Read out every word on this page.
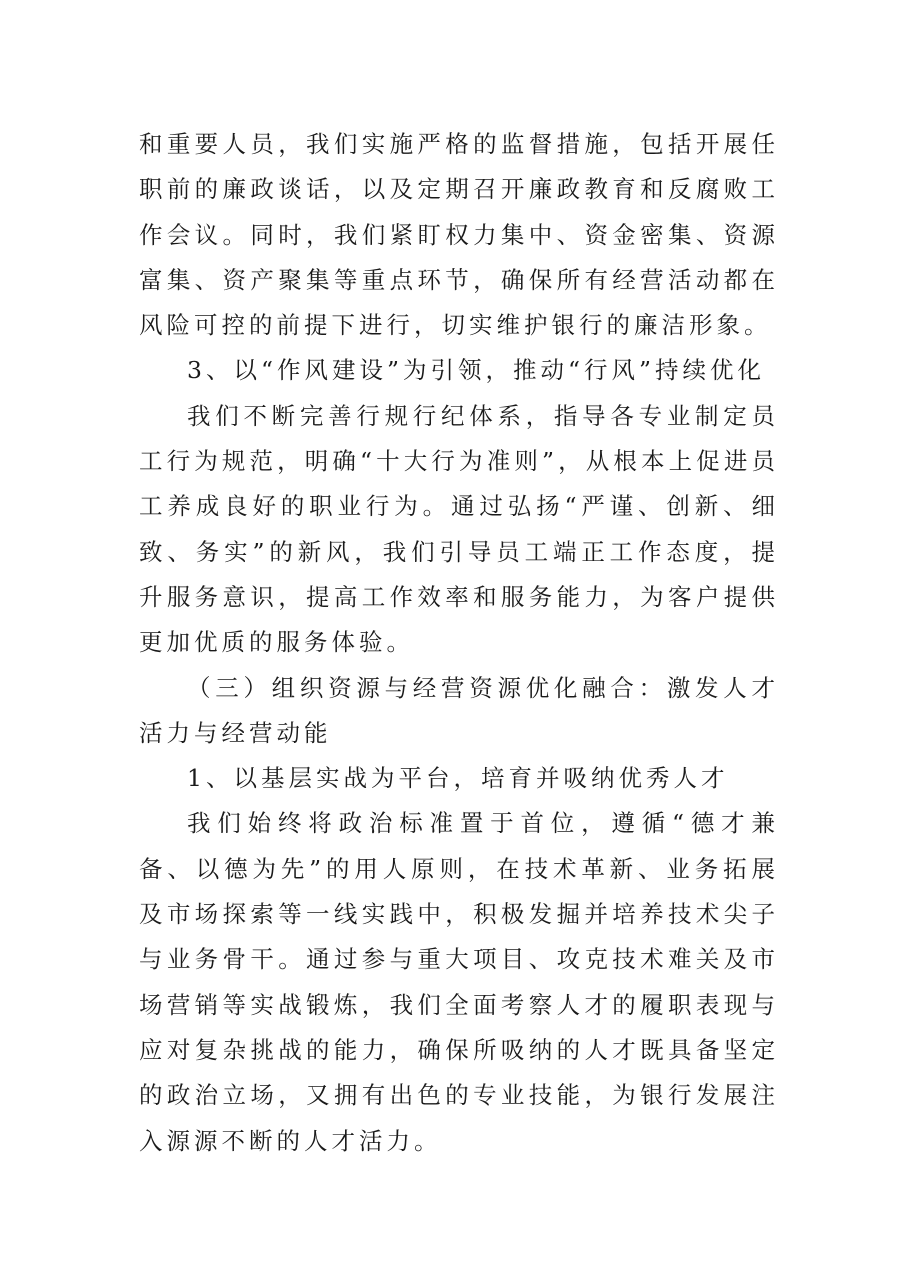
和重要人员，我们实施严格的监督措施，包括开展任职前的廉政谈话，以及定期召开廉政教育和反腐败工作会议。同时，我们紧盯权力集中、资金密集、资源富集、资产聚集等重点环节，确保所有经营活动都在风险可控的前提下进行，切实维护银行的廉洁形象。

3、以“作风建设”为引领，推动“行风”持续优化

我们不断完善行规行纪体系，指导各专业制定员工行为规范，明确“十大行为准则”，从根本上促进员工养成良好的职业行为。通过弘扬“严谨、创新、细致、务实”的新风，我们引导员工端正工作态度，提升服务意识，提高工作效率和服务能力，为客户提供更加优质的服务体验。

（三）组织资源与经营资源优化融合：激发人才活力与经营动能

1、以基层实战为平台，培育并吸纳优秀人才

我们始终将政治标准置于首位，遵循“德才兼备、以德为先”的用人原则，在技术革新、业务拓展及市场探索等一线实践中，积极发掘并培养技术尖子与业务骨干。通过参与重大项目、攻克技术难关及市场营销等实战锻炼，我们全面考察人才的履职表现与应对复杂挑战的能力，确保所吸纳的人才既具备坚定的政治立场，又拥有出色的专业技能，为银行发展注入源源不断的人才活力。
